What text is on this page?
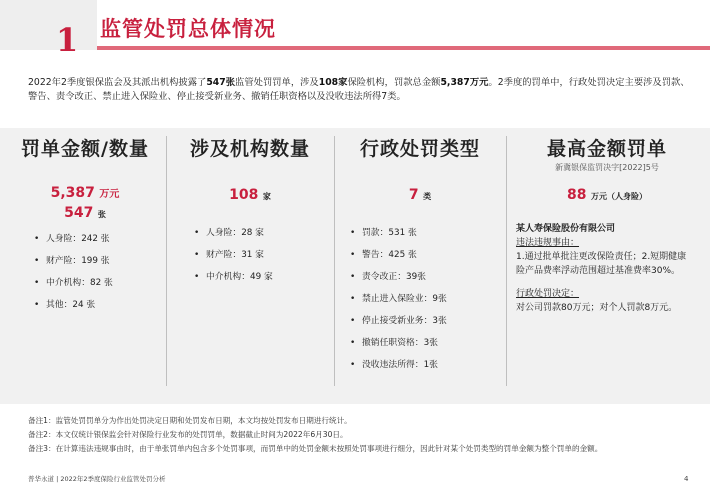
1 监管处罚总体情况
2022年2季度银保监会及其派出机构披露了547张监管处罚罚单，涉及108家保险机构，罚款总金额5,387万元。2季度的罚单中，行政处罚决定主要涉及罚款、警告、责令改正、禁止进入保险业、停止接受新业务、撤销任职资格以及没收违法所得7类。
罚单金额/数量
5,387 万元
547 张
• 人身险：242 张
• 财产险：199 张
• 中介机构：82 张
• 其他：24 张
涉及机构数量
108 家
• 人身险：28 家
• 财产险：31 家
• 中介机构：49 家
行政处罚类型
7 类
• 罚款：531 张
• 警告：425 张
• 责令改正：39张
• 禁止进入保险业：9张
• 停止接受新业务：3张
• 撤销任职资格：3张
• 没收违法所得：1张
最高金额罚单
新冀银保监罚决字[2022]5号
88 万元（人身险）
某人寿保险股份有限公司
违法违规事由：
1.通过批单批注更改保险责任；2.短期健康险产品费率浮动范围超过基准费率30%。
行政处罚决定：
对公司罚款80万元；对个人罚款8万元。
备注1：监管处罚罚单分为作出处罚决定日期和处罚发布日期，本文均按处罚发布日期进行统计。
备注2：本文仅统计银保监会针对保险行业发布的处罚罚单，数据截止时间为2022年6月30日。
备注3：在计算违法违规事由时，由于单张罚单内包含多个处罚事项，而罚单中的处罚金额未按照处罚事项进行细分，因此针对某个处罚类型的罚单金额为整个罚单的金额。
普华永道 | 2022年2季度保险行业监管处罚分析	4
